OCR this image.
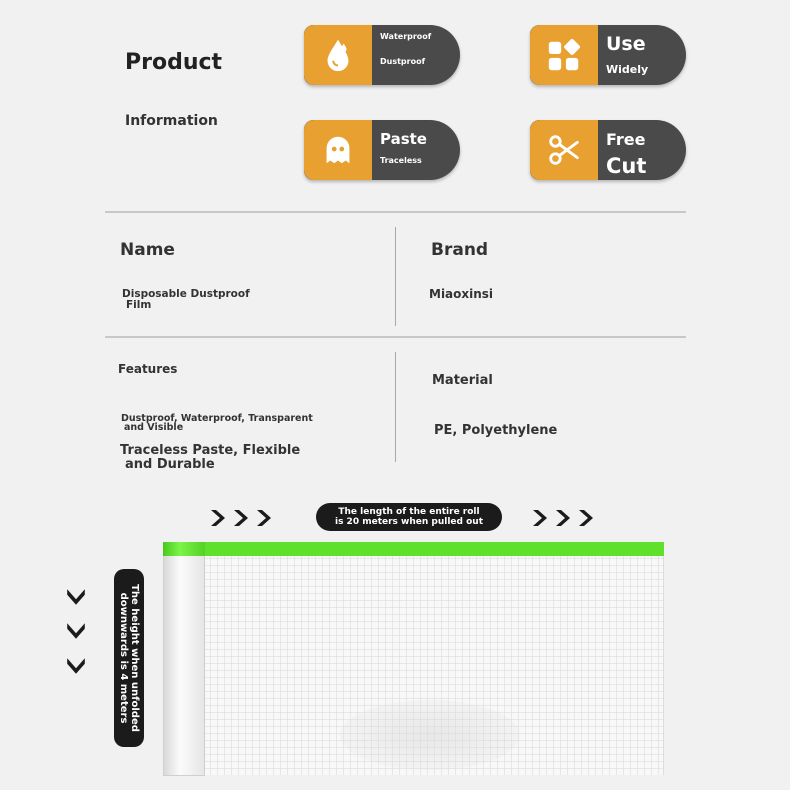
Product
Information
Waterproof
Dustproof
Use
Widely
Paste
Traceless
Free
Cut
Name
Disposable Dustproof
Film
Brand
Miaoxinsi
Features
Dustproof, Waterproof, Transparent
and Visible
Traceless Paste, Flexible
and Durable
Material
PE, Polyethylene
The length of the entire roll
is 20 meters when pulled out
The height when unfolded
downwards is 4 meters
